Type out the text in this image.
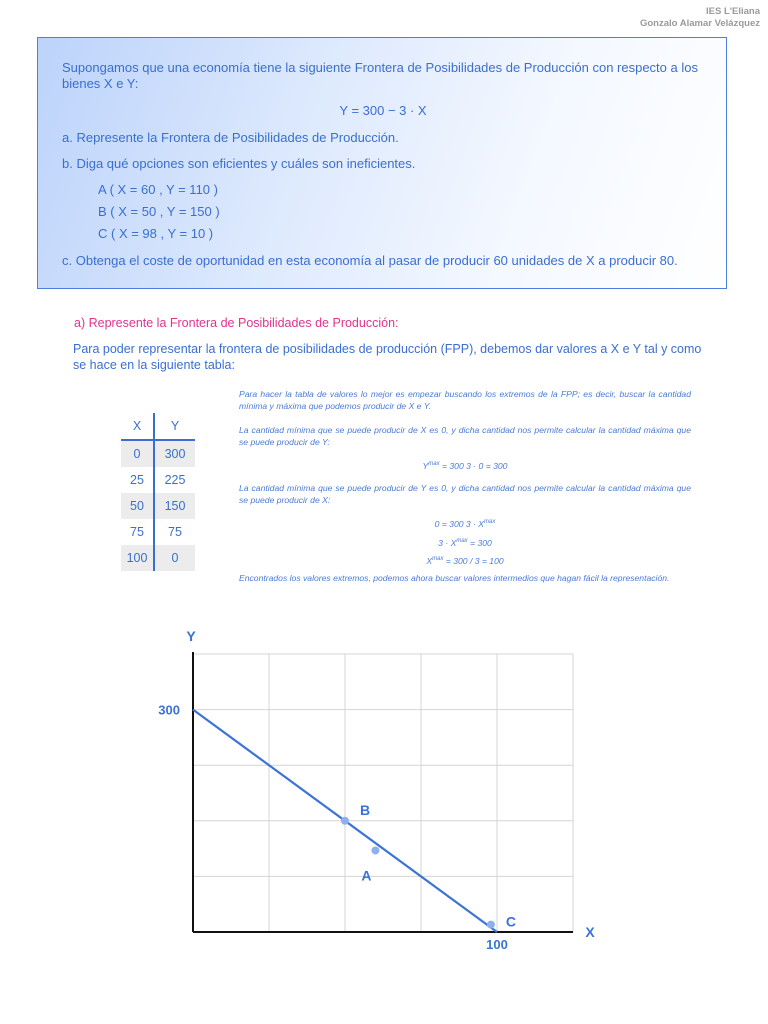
IES L'Eliana
Gonzalo Alamar Velázquez

Supongamos que una economía tiene la siguiente Frontera de Posibilidades de Producción con respecto a los bienes X e Y:

Y = 300 − 3 · X

a. Represente la Frontera de Posibilidades de Producción.

b. Diga qué opciones son eficientes y cuáles son ineficientes.

A ( X = 60 , Y = 110 )

B ( X = 50 , Y = 150 )

C ( X = 98 , Y = 10 )

c. Obtenga el coste de oportunidad en esta economía al pasar de producir 60 unidades de X a producir 80.

a) Represente la Frontera de Posibilidades de Producción:
Para poder representar la frontera de posibilidades de producción (FPP), debemos dar valores a X e Y tal y como se hace en la siguiente tabla:
X	Y
0	300
25	225
50	150
75	75
100	0

Para hacer la tabla de valores lo mejor es empezar buscando los extremos de la FPP; es decir, buscar la cantidad mínima y máxima que podemos producir de X e Y.

La cantidad mínima que se puede producir de X es 0, y dicha cantidad nos permite calcular la cantidad máxima que se puede producir de Y:

$Y^{max} = 300$ 3 · 0 = 300

La cantidad mínima que se puede producir de Y es 0, y dicha cantidad nos permite calcular la cantidad máxima que se puede producir de X:

0 = 300 $3 \cdot X^{max}$

$3 \cdot X^{max} = 300$

$X^{max} = 300 / 3 = 100$

Encontrados los valores extremos, podemos ahora buscar valores intermedios que hagan fácil la representación.

Y
X
300
100
A
B
C
